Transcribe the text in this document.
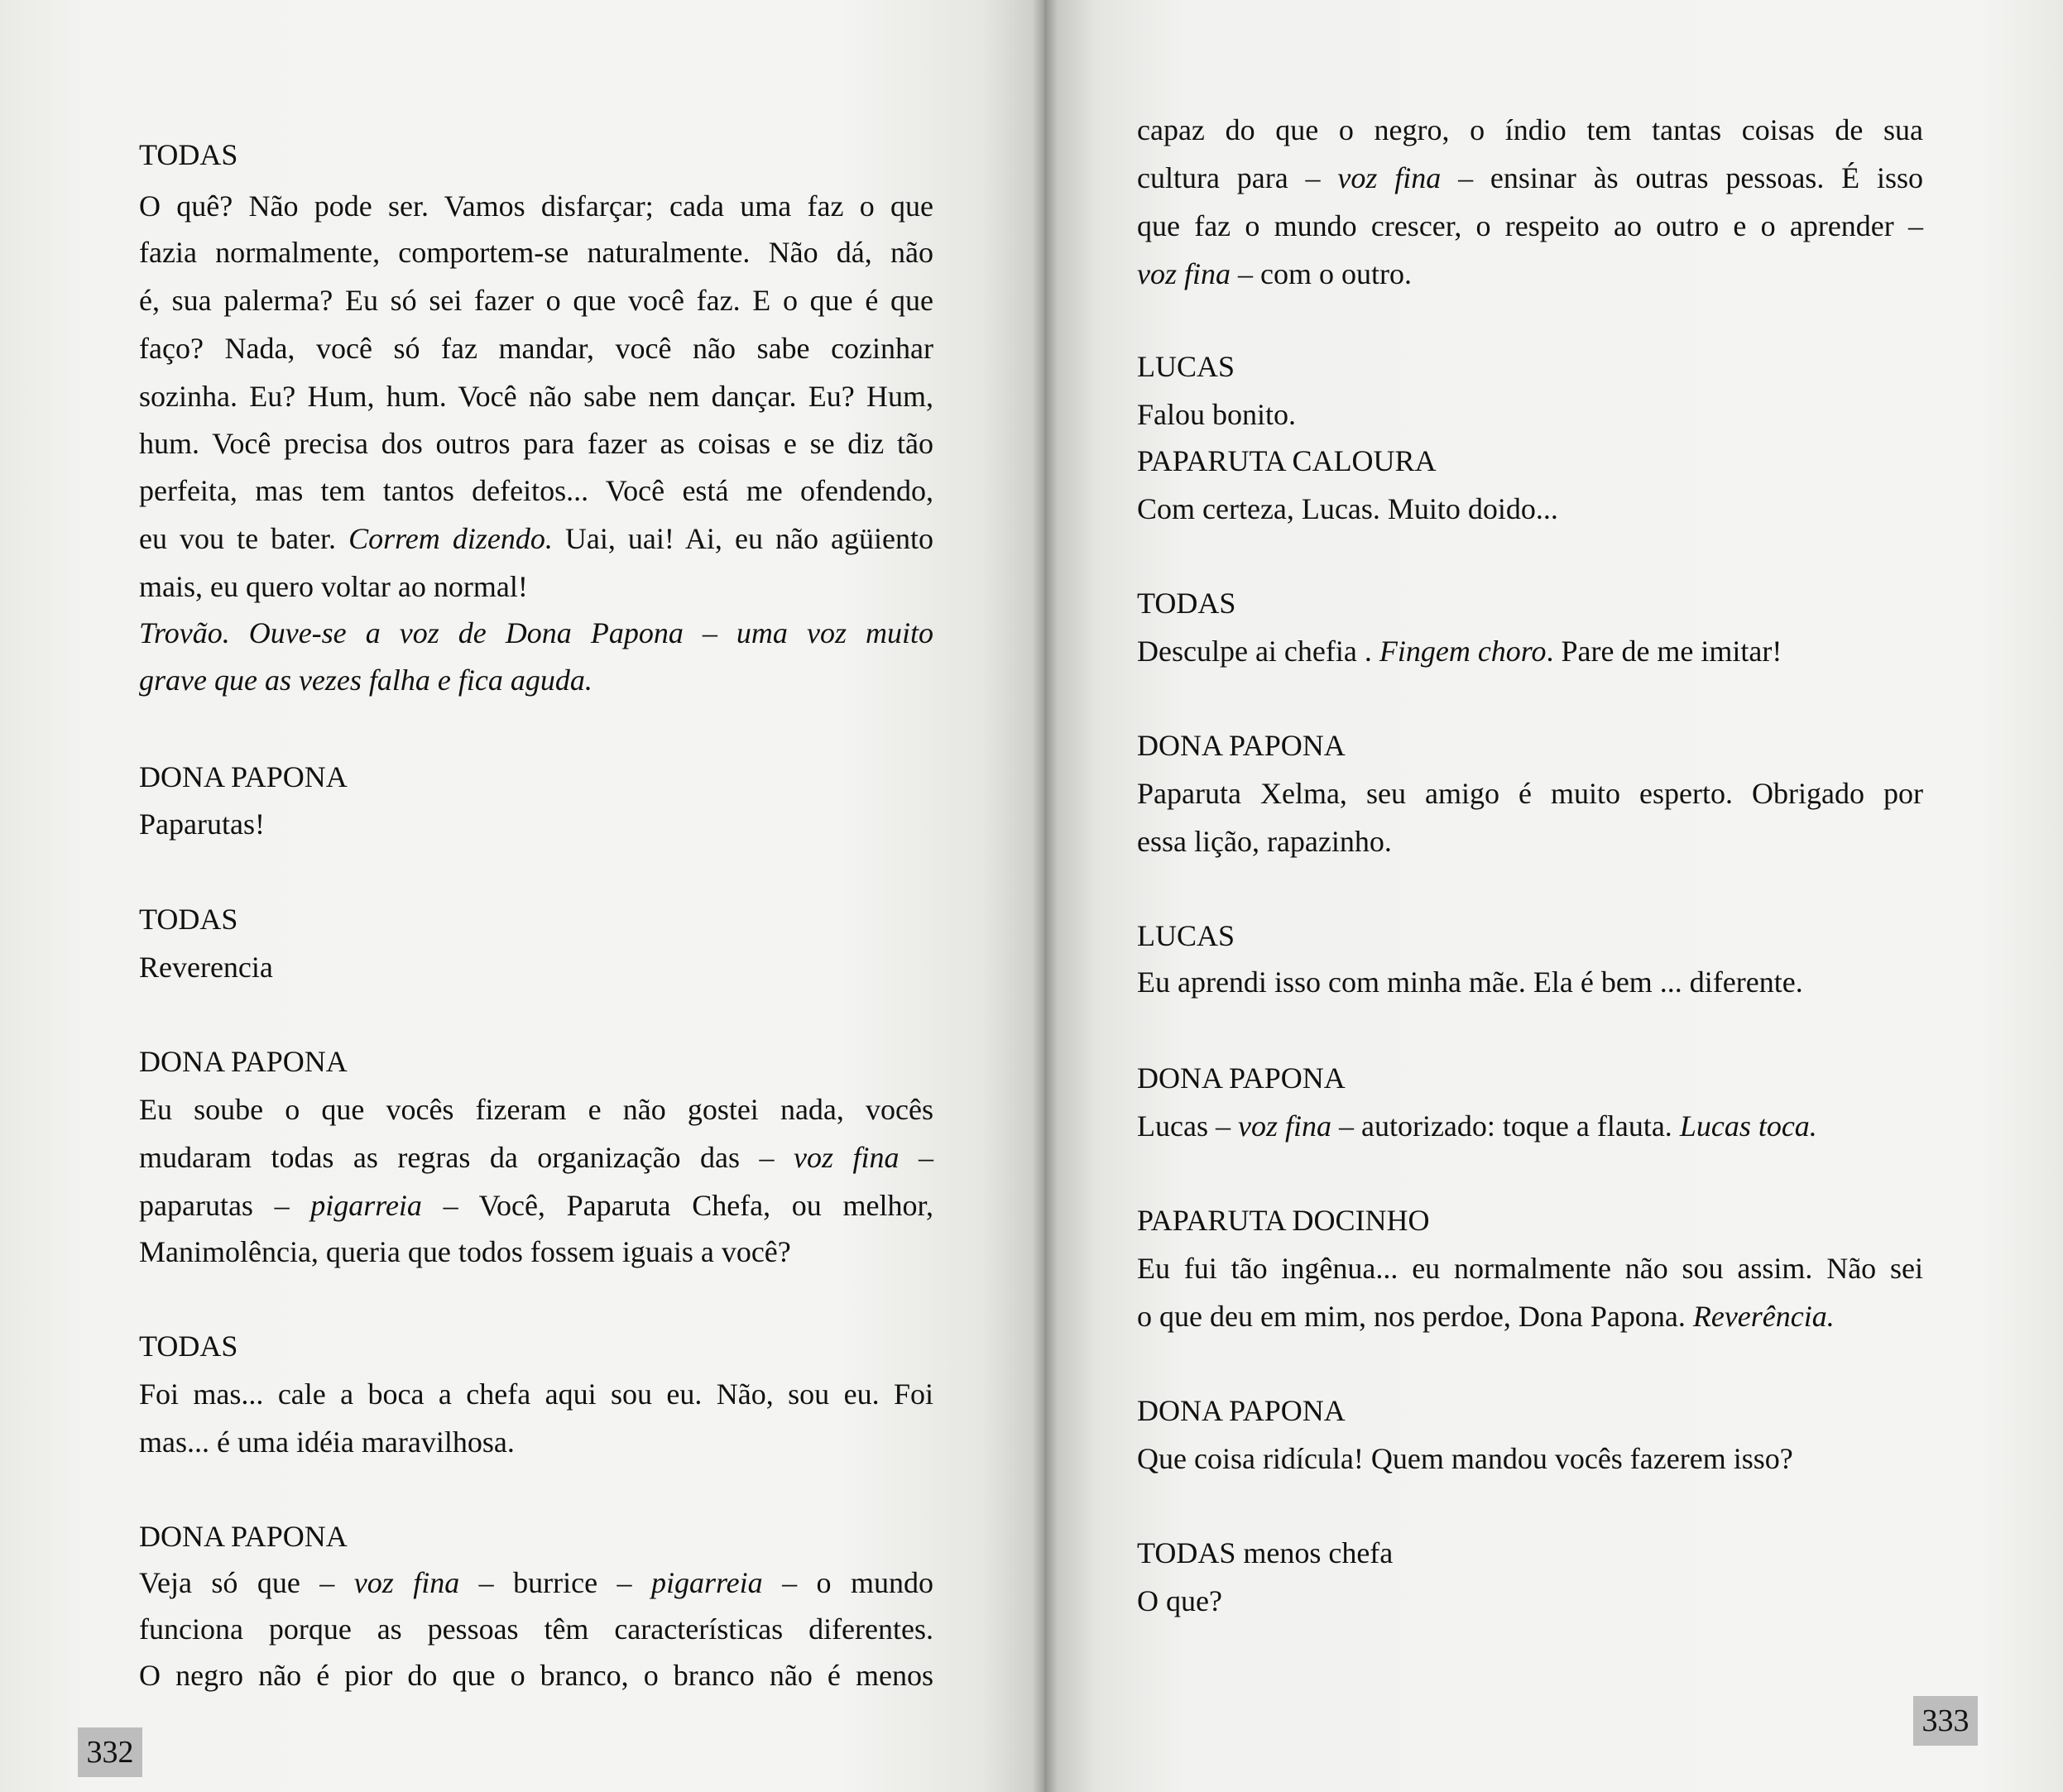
TODAS
O quê? Não pode ser. Vamos disfarçar; cada uma faz o que
fazia normalmente, comportem-se naturalmente. Não dá, não
é, sua palerma? Eu só sei fazer o que você faz. E o que é que
faço? Nada, você só faz mandar, você não sabe cozinhar
sozinha. Eu? Hum, hum. Você não sabe nem dançar. Eu? Hum,
hum. Você precisa dos outros para fazer as coisas e se diz tão
perfeita, mas tem tantos defeitos... Você está me ofendendo,
eu vou te bater. Correm dizendo. Uai, uai! Ai, eu não agüiento
mais, eu quero voltar ao normal!
Trovão. Ouve-se a voz de Dona Papona – uma voz muito
grave que as vezes falha e fica aguda.
DONA PAPONA
Paparutas!
TODAS
Reverencia
DONA PAPONA
Eu soube o que vocês fizeram e não gostei nada, vocês
mudaram todas as regras da organização das – voz fina –
paparutas – pigarreia – Você, Paparuta Chefa, ou melhor,
Manimolência, queria que todos fossem iguais a você?
TODAS
Foi mas... cale a boca a chefa aqui sou eu. Não, sou eu. Foi
mas... é uma idéia maravilhosa.
DONA PAPONA
Veja só que – voz fina – burrice – pigarreia – o mundo
funciona porque as pessoas têm características diferentes.
O negro não é pior do que o branco, o branco não é menos
332
capaz do que o negro, o índio tem tantas coisas de sua
cultura para – voz fina – ensinar às outras pessoas. É isso
que faz o mundo crescer, o respeito ao outro e o aprender –
voz fina – com o outro.
LUCAS
Falou bonito.
PAPARUTA CALOURA
Com certeza, Lucas. Muito doido...
TODAS
Desculpe ai chefia . Fingem choro. Pare de me imitar!
DONA PAPONA
Paparuta Xelma, seu amigo é muito esperto. Obrigado por
essa lição, rapazinho.
LUCAS
Eu aprendi isso com minha mãe. Ela é bem ... diferente.
DONA PAPONA
Lucas – voz fina – autorizado: toque a flauta. Lucas toca.
PAPARUTA DOCINHO
Eu fui tão ingênua... eu normalmente não sou assim. Não sei
o que deu em mim, nos perdoe, Dona Papona. Reverência.
DONA PAPONA
Que coisa ridícula! Quem mandou vocês fazerem isso?
TODAS menos chefa
O que?
333
